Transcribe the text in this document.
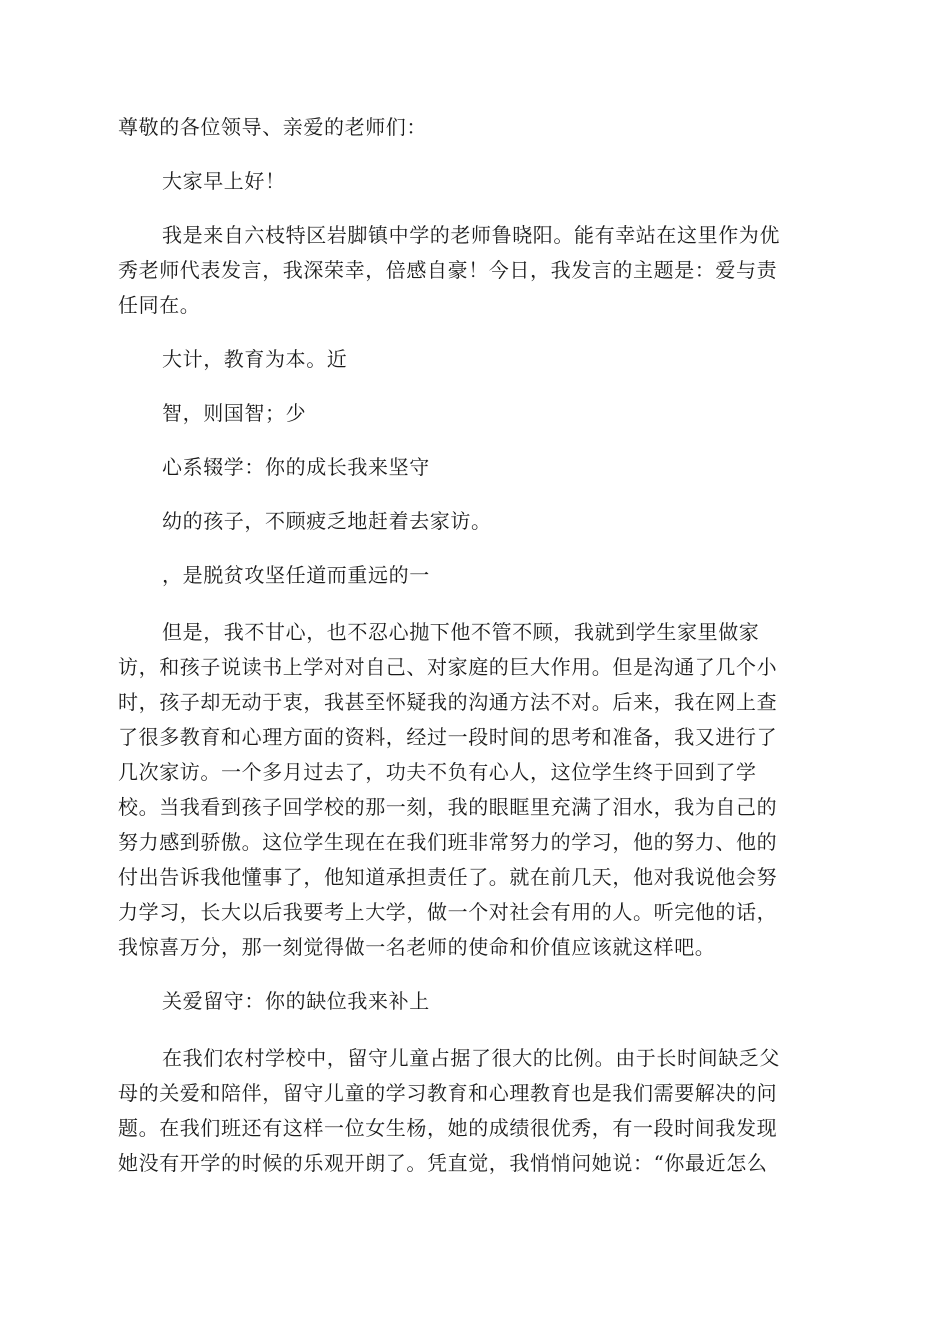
尊敬的各位领导、亲爱的老师们：

大家早上好！

我是来自六枝特区岩脚镇中学的老师鲁晓阳。能有幸站在这里作为优
秀老师代表发言，我深荣幸，倍感自豪！今日，我发言的主题是：爱与责
任同在。

大计，教育为本。近

智，则国智；少

心系辍学：你的成长我来坚守

幼的孩子，不顾疲乏地赶着去家访。

，是脱贫攻坚任道而重远的一

但是，我不甘心，也不忍心抛下他不管不顾，我就到学生家里做家
访，和孩子说读书上学对对自己、对家庭的巨大作用。但是沟通了几个小
时，孩子却无动于衷，我甚至怀疑我的沟通方法不对。后来，我在网上查
了很多教育和心理方面的资料，经过一段时间的思考和准备，我又进行了
几次家访。一个多月过去了，功夫不负有心人，这位学生终于回到了学
校。当我看到孩子回学校的那一刻，我的眼眶里充满了泪水，我为自己的
努力感到骄傲。这位学生现在在我们班非常努力的学习，他的努力、他的
付出告诉我他懂事了，他知道承担责任了。就在前几天，他对我说他会努
力学习，长大以后我要考上大学，做一个对社会有用的人。听完他的话，
我惊喜万分，那一刻觉得做一名老师的使命和价值应该就这样吧。

关爱留守：你的缺位我来补上

在我们农村学校中，留守儿童占据了很大的比例。由于长时间缺乏父
母的关爱和陪伴，留守儿童的学习教育和心理教育也是我们需要解决的问
题。在我们班还有这样一位女生杨，她的成绩很优秀，有一段时间我发现
她没有开学的时候的乐观开朗了。凭直觉，我悄悄问她说：“你最近怎么
